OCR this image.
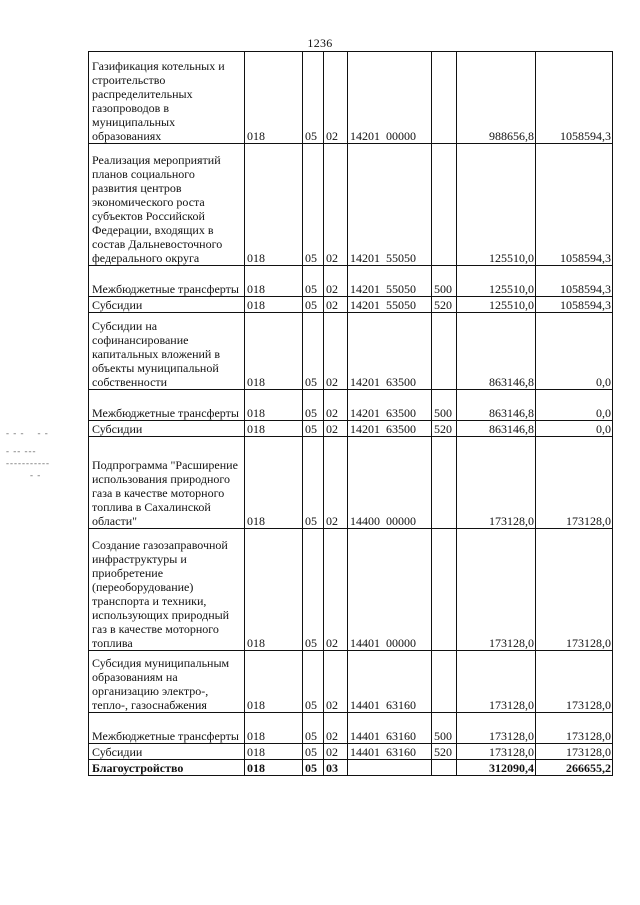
1236
Газификация котельных и строительство распределительных газопроводов в муниципальных образованиях	018	05	02	14201  00000		988656,8	1058594,3
Реализация мероприятий планов социального развития центров экономического роста субъектов Российской Федерации, входящих в состав Дальневосточного федерального округа	018	05	02	14201  55050		125510,0	1058594,3
Межбюджетные трансферты	018	05	02	14201  55050	500	125510,0	1058594,3
Субсидии	018	05	02	14201  55050	520	125510,0	1058594,3
Субсидии на софинансирование капитальных вложений в объекты муниципальной собственности	018	05	02	14201  63500		863146,8	0,0
Межбюджетные трансферты	018	05	02	14201  63500	500	863146,8	0,0
Субсидии	018	05	02	14201  63500	520	863146,8	0,0
Подпрограмма "Расширение использования природного газа в качестве моторного топлива в Сахалинской области"	018	05	02	14400  00000		173128,0	173128,0
Создание газозаправочной инфраструктуры и приобретение (переоборудование) транспорта и техники, использующих природный газ в качестве моторного топлива	018	05	02	14401  00000		173128,0	173128,0
Субсидия муниципальным образованиям на организацию электро-, тепло-, газоснабжения	018	05	02	14401  63160		173128,0	173128,0
Межбюджетные трансферты	018	05	02	14401  63160	500	173128,0	173128,0
Субсидии	018	05	02	14401  63160	520	173128,0	173128,0
Благоустройство	018	05	03			312090,4	266655,2
- - -    - -
- -- ---
-----------
- -
